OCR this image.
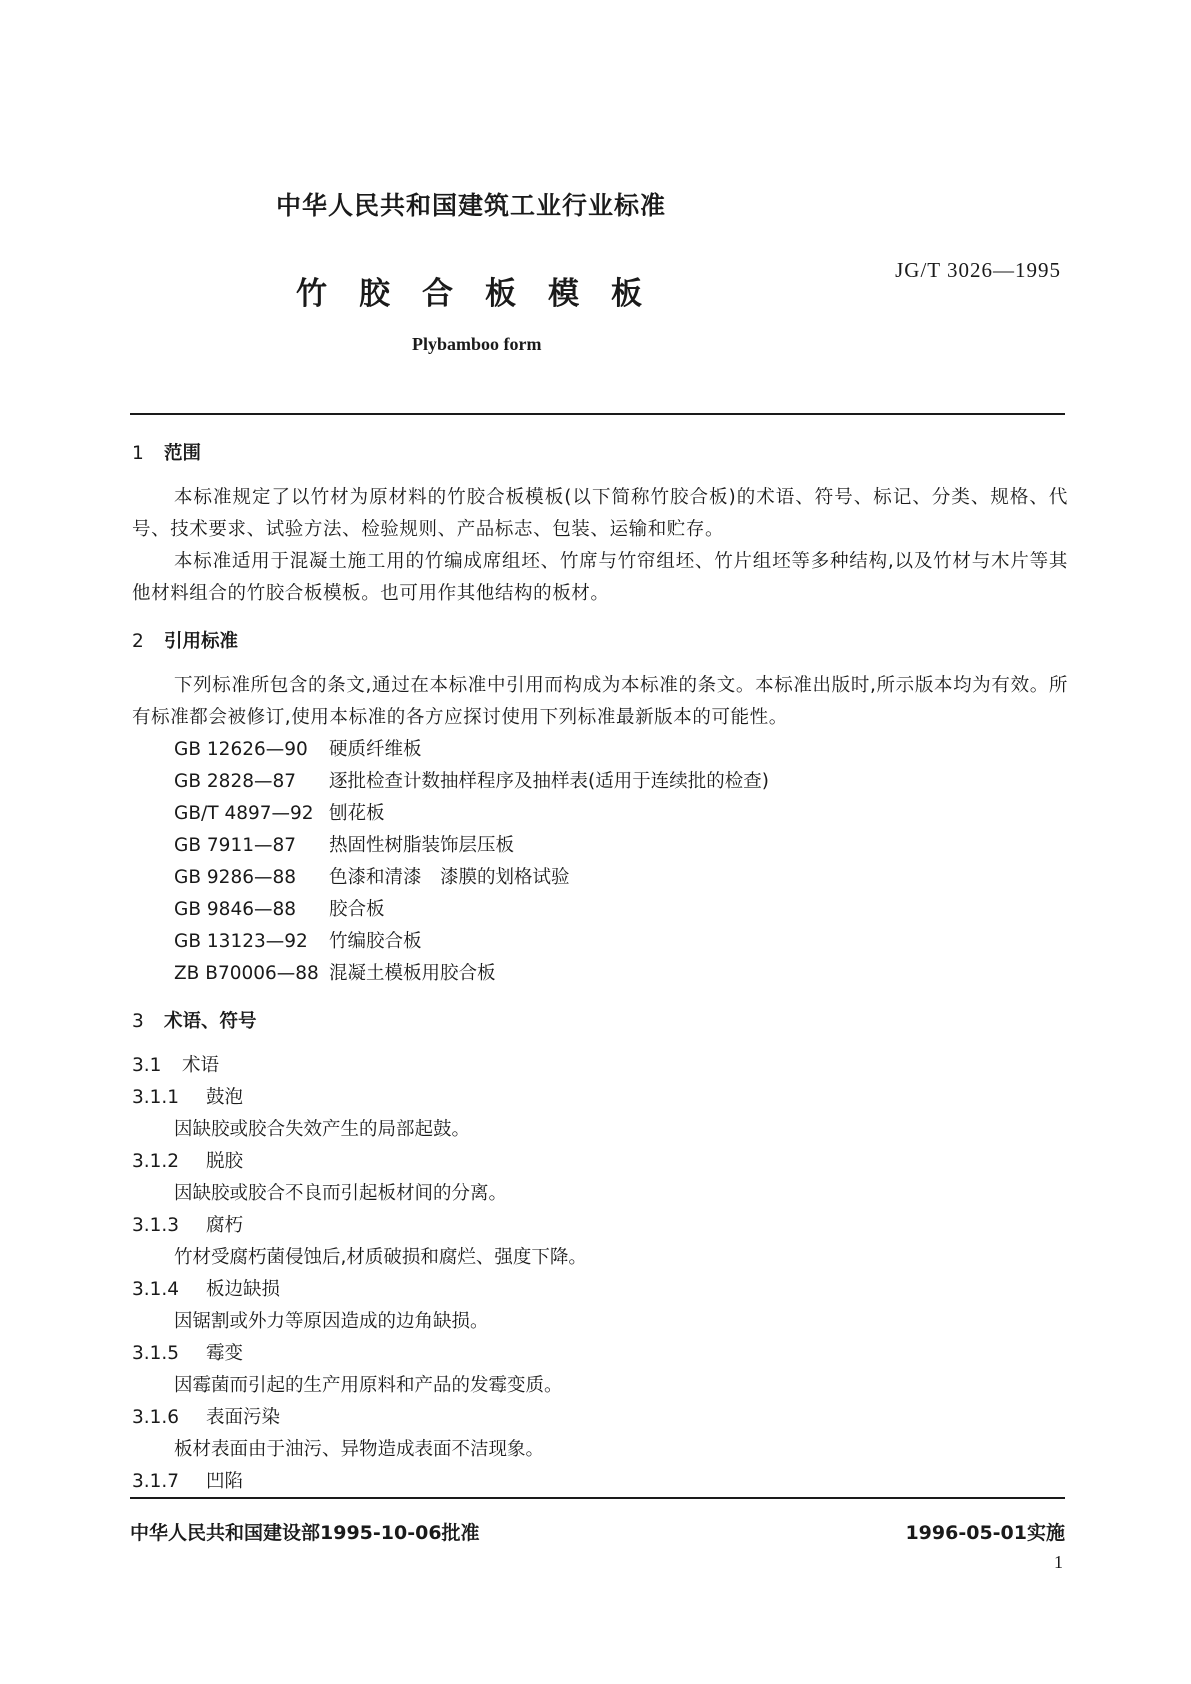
中华人民共和国建筑工业行业标准
JG/T 3026—1995
竹胶合板模板
Plybamboo form

1 范围

本标准规定了以竹材为原材料的竹胶合板模板(以下简称竹胶合板)的术语、符号、标记、分类、规格、代号、技术要求、试验方法、检验规则、产品标志、包装、运输和贮存。

本标准适用于混凝土施工用的竹编成席组坯、竹席与竹帘组坯、竹片组坯等多种结构,以及竹材与木片等其他材料组合的竹胶合板模板。也可用作其他结构的板材。

2 引用标准

下列标准所包含的条文,通过在本标准中引用而构成为本标准的条文。本标准出版时,所示版本均为有效。所有标准都会被修订,使用本标准的各方应探讨使用下列标准最新版本的可能性。

GB 12626—90 硬质纤维板

GB 2828—87 逐批检查计数抽样程序及抽样表(适用于连续批的检查)

GB/T 4897—92 刨花板

GB 7911—87 热固性树脂装饰层压板

GB 9286—88 色漆和清漆　漆膜的划格试验

GB 9846—88 胶合板

GB 13123—92 竹编胶合板

ZB B70006—88 混凝土模板用胶合板

3 术语、符号

3.1 术语

3.1.1 鼓泡

因缺胶或胶合失效产生的局部起鼓。

3.1.2 脱胶

因缺胶或胶合不良而引起板材间的分离。

3.1.3 腐朽

竹材受腐朽菌侵蚀后,材质破损和腐烂、强度下降。

3.1.4 板边缺损

因锯割或外力等原因造成的边角缺损。

3.1.5 霉变

因霉菌而引起的生产用原料和产品的发霉变质。

3.1.6 表面污染

板材表面由于油污、异物造成表面不洁现象。

3.1.7 凹陷

中华人民共和国建设部1995-10-06批准	1996-05-01实施
1
